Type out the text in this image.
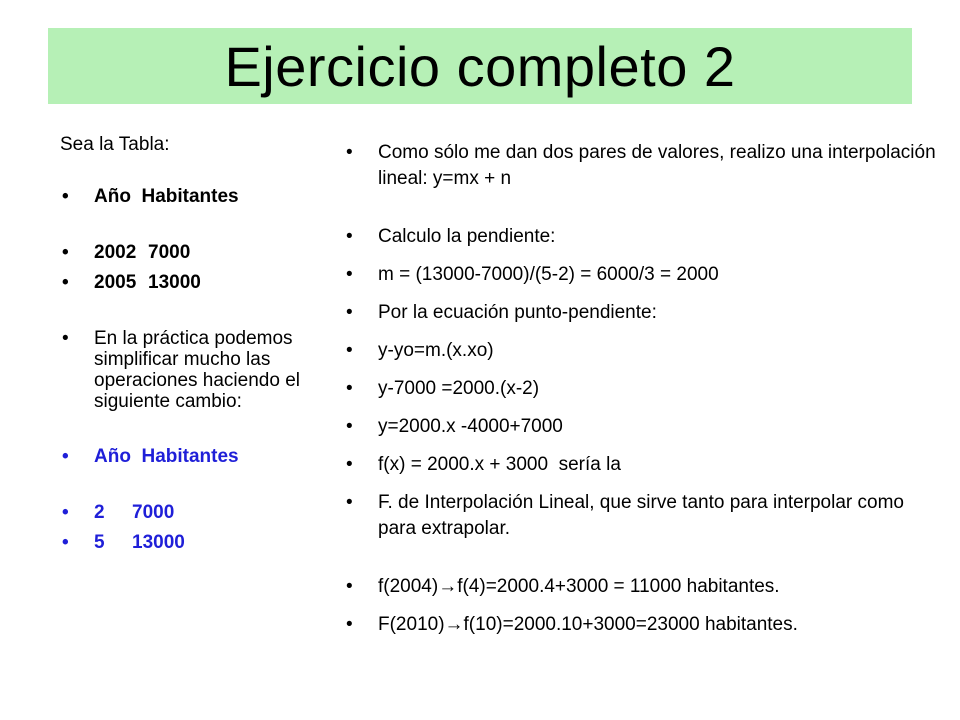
Ejercicio completo 2

Sea la Tabla:

• Año  Habitantes
• 2002 7000
• 2005 13000
• En la práctica podemos simplificar mucho las operaciones haciendo el siguiente cambio:
• Año  Habitantes
• 2 7000
• 5 13000
• Como sólo me dan dos pares de valores, realizo una interpolación lineal: y=mx + n
• Calculo la pendiente:
• m = (13000-7000)/(5-2) = 6000/3 = 2000
• Por la ecuación punto-pendiente:
• y-yo=m.(x.xo)
• y-7000 =2000.(x-2)
• y=2000.x -4000+7000
• f(x) = 2000.x + 3000  sería la
• F. de Interpolación Lineal, que sirve tanto para interpolar como para extrapolar.
• f(2004)→f(4)=2000.4+3000 = 11000 habitantes.
• F(2010)→f(10)=2000.10+3000=23000 habitantes.
